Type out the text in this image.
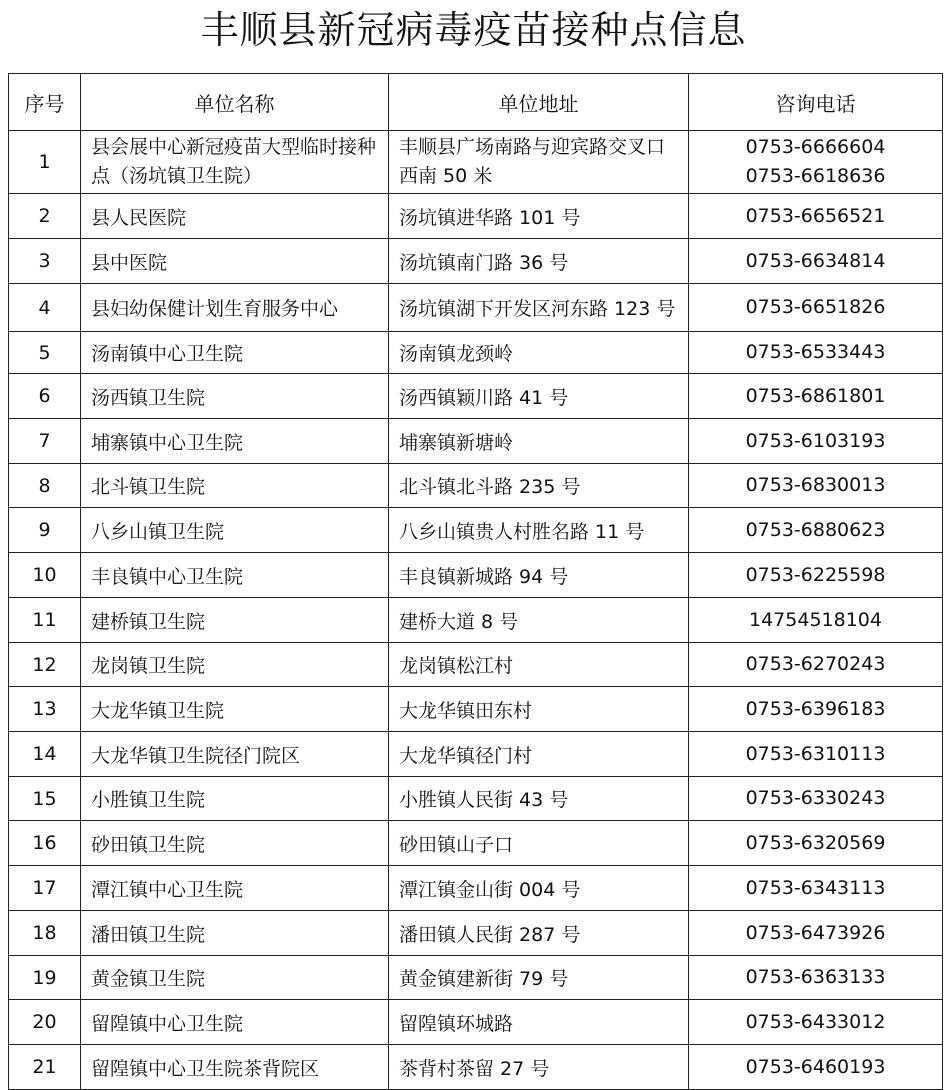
丰顺县新冠病毒疫苗接种点信息
序号	单位名称	单位地址	咨询电话
1	县会展中心新冠疫苗大型临时接种点（汤坑镇卫生院）	丰顺县广场南路与迎宾路交叉口西南 50 米	0753-6666604
0753-6618636

2	县人民医院	汤坑镇进华路 101 号	0753-6656521

3	县中医院	汤坑镇南门路 36 号	0753-6634814

4	县妇幼保健计划生育服务中心	汤坑镇湖下开发区河东路 123 号	0753-6651826

5	汤南镇中心卫生院	汤南镇龙颈岭	0753-6533443

6	汤西镇卫生院	汤西镇颖川路 41 号	0753-6861801

7	埔寨镇中心卫生院	埔寨镇新塘岭	0753-6103193

8	北斗镇卫生院	北斗镇北斗路 235 号	0753-6830013

9	八乡山镇卫生院	八乡山镇贵人村胜名路 11 号	0753-6880623

10	丰良镇中心卫生院	丰良镇新城路 94 号	0753-6225598

11	建桥镇卫生院	建桥大道 8 号	14754518104

12	龙岗镇卫生院	龙岗镇松江村	0753-6270243

13	大龙华镇卫生院	大龙华镇田东村	0753-6396183

14	大龙华镇卫生院径门院区	大龙华镇径门村	0753-6310113

15	小胜镇卫生院	小胜镇人民街 43 号	0753-6330243

16	砂田镇卫生院	砂田镇山子口	0753-6320569

17	潭江镇中心卫生院	潭江镇金山街 004 号	0753-6343113

18	潘田镇卫生院	潘田镇人民街 287 号	0753-6473926

19	黄金镇卫生院	黄金镇建新街 79 号	0753-6363133

20	留隍镇中心卫生院	留隍镇环城路	0753-6433012

21	留隍镇中心卫生院茶背院区	茶背村茶留 27 号	0753-6460193
